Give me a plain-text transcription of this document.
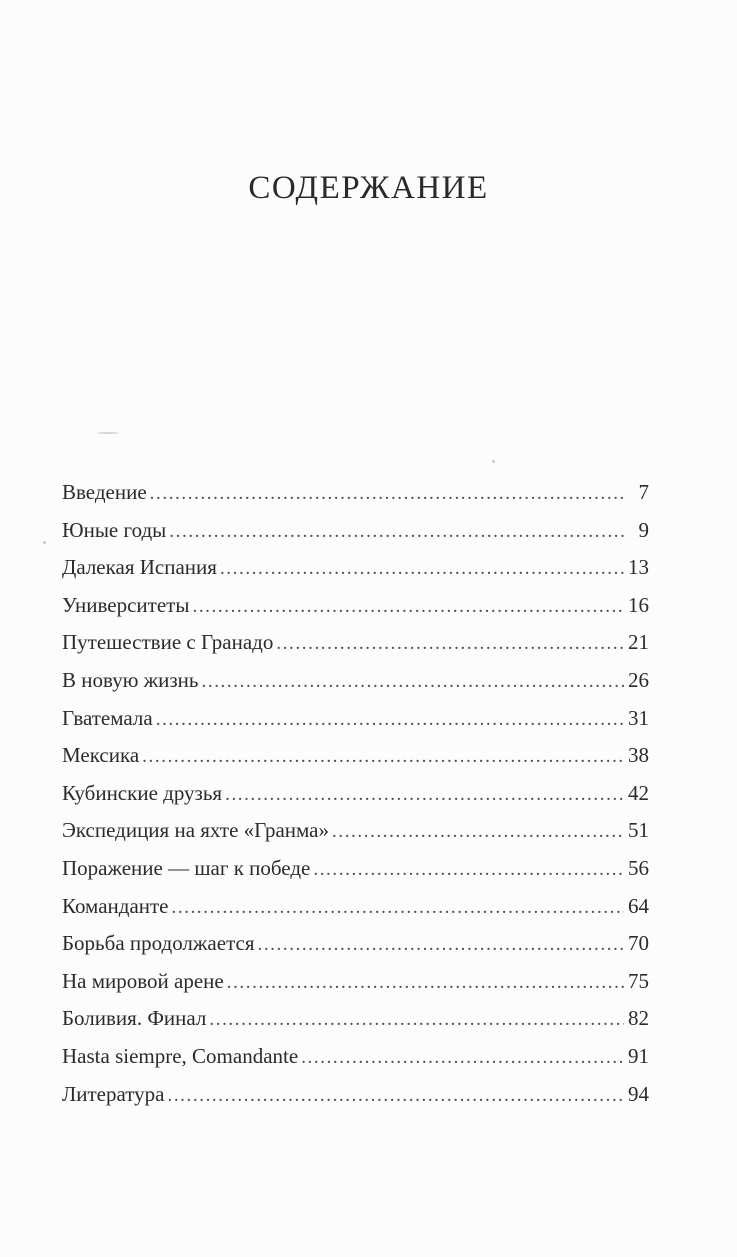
СОДЕРЖАНИЕ
Введение .....	7
Юные годы .....	9
Далекая Испания .....	13
Университеты .....	16
Путешествие с Гранадо .....	21
В новую жизнь .....	26
Гватемала .....	31
Мексика .....	38
Кубинские друзья .....	42
Экспедиция на яхте «Гранма» .....	51
Поражение — шаг к победе .....	56
Команданте .....	64
Борьба продолжается .....	70
На мировой арене .....	75
Боливия. Финал .....	82
Hasta siempre, Comandante .....	91
Литература .....	94
